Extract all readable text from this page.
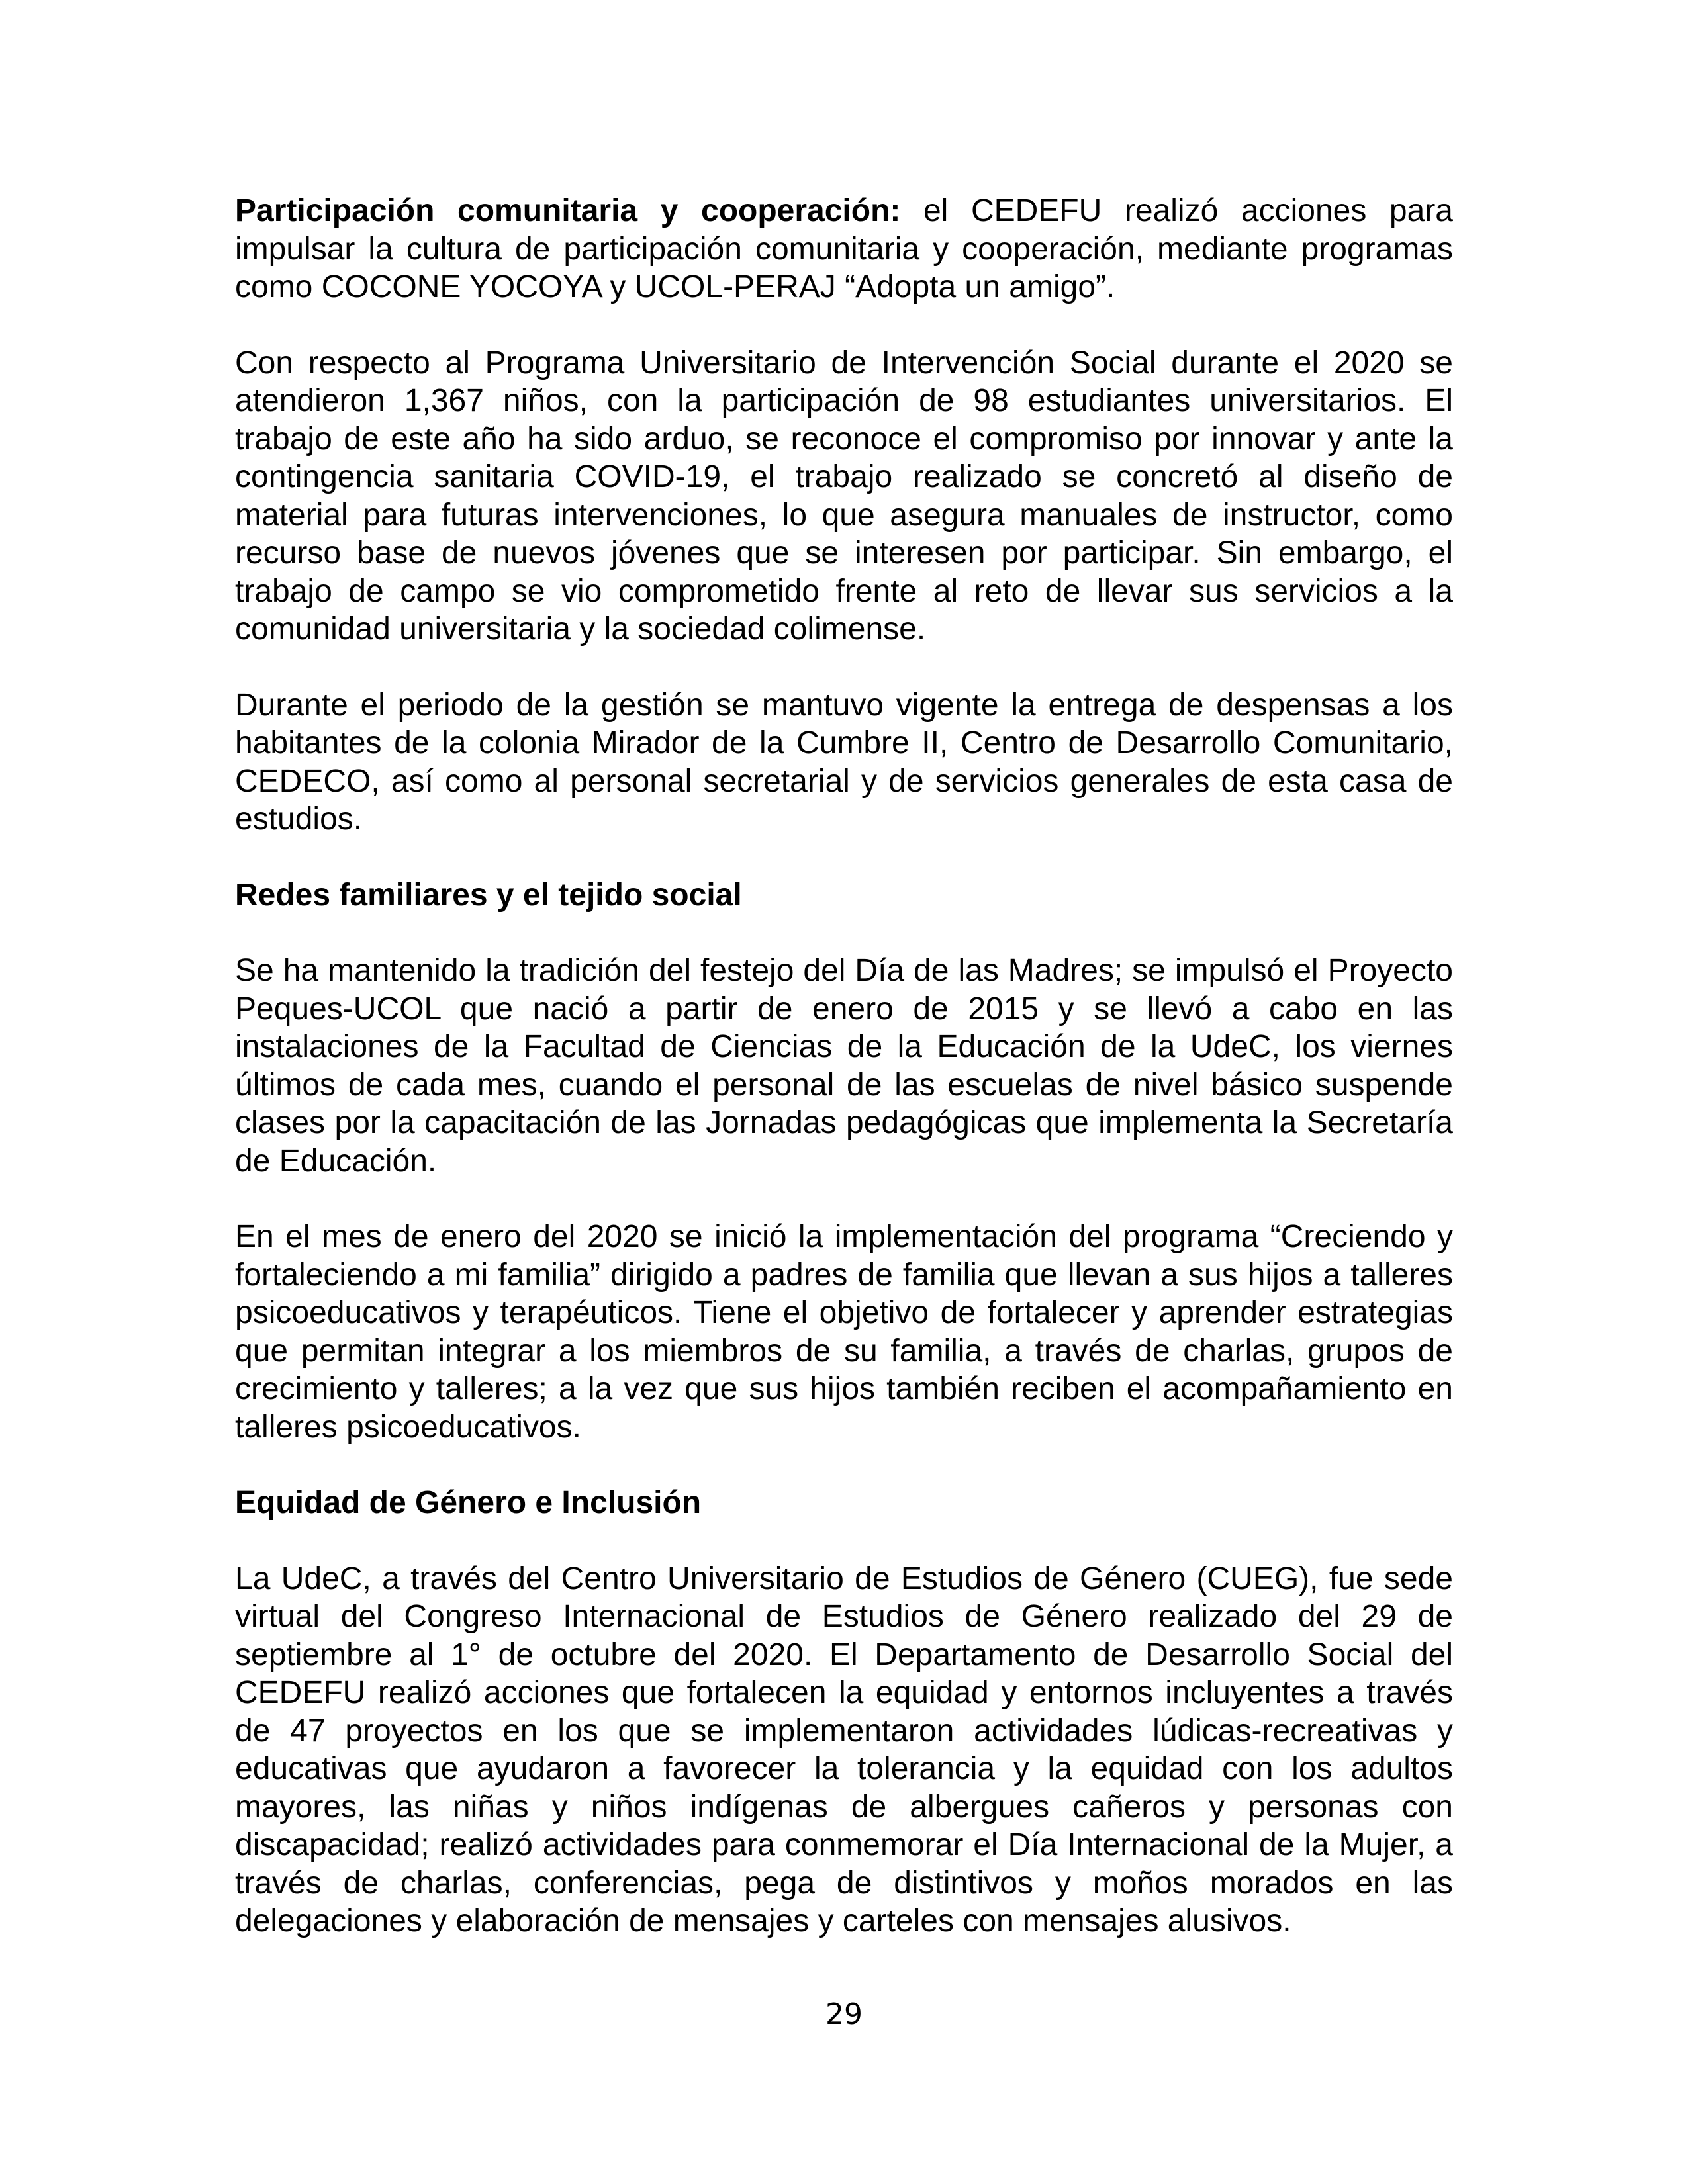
Participación comunitaria y cooperación: el CEDEFU realizó acciones para impulsar la cultura de participación comunitaria y cooperación, mediante programas como COCONE YOCOYA y UCOL-PERAJ “Adopta un amigo”.

Con respecto al Programa Universitario de Intervención Social durante el 2020 se atendieron 1,367 niños, con la participación de 98 estudiantes universitarios. El trabajo de este año ha sido arduo, se reconoce el compromiso por innovar y ante la contingencia sanitaria COVID-19, el trabajo realizado se concretó al diseño de material para futuras intervenciones, lo que asegura manuales de instructor, como recurso base de nuevos jóvenes que se interesen por participar. Sin embargo, el trabajo de campo se vio comprometido frente al reto de llevar sus servicios a la comunidad universitaria y la sociedad colimense.

Durante el periodo de la gestión se mantuvo vigente la entrega de despensas a los habitantes de la colonia Mirador de la Cumbre II, Centro de Desarrollo Comunitario, CEDECO, así como al personal secretarial y de servicios generales de esta casa de estudios.

Redes familiares y el tejido social

Se ha mantenido la tradición del festejo del Día de las Madres; se impulsó el Proyecto Peques-UCOL que nació a partir de enero de 2015 y se llevó a cabo en las instalaciones de la Facultad de Ciencias de la Educación de la UdeC, los viernes últimos de cada mes, cuando el personal de las escuelas de nivel básico suspende clases por la capacitación de las Jornadas pedagógicas que implementa la Secretaría de Educación.

En el mes de enero del 2020 se inició la implementación del programa “Creciendo y fortaleciendo a mi familia” dirigido a padres de familia que llevan a sus hijos a talleres psicoeducativos y terapéuticos. Tiene el objetivo de fortalecer y aprender estrategias que permitan integrar a los miembros de su familia, a través de charlas, grupos de crecimiento y talleres; a la vez que sus hijos también reciben el acompañamiento en talleres psicoeducativos.

Equidad de Género e Inclusión

La UdeC, a través del Centro Universitario de Estudios de Género (CUEG), fue sede virtual del Congreso Internacional de Estudios de Género realizado del 29 de septiembre al 1° de octubre del 2020. El Departamento de Desarrollo Social del CEDEFU realizó acciones que fortalecen la equidad y entornos incluyentes a través de 47 proyectos en los que se implementaron actividades lúdicas-recreativas y educativas que ayudaron a favorecer la tolerancia y la equidad con los adultos mayores, las niñas y niños indígenas de albergues cañeros y personas con discapacidad; realizó actividades para conmemorar el Día Internacional de la Mujer, a través de charlas, conferencias, pega de distintivos y moños morados en las delegaciones y elaboración de mensajes y carteles con mensajes alusivos.

29
